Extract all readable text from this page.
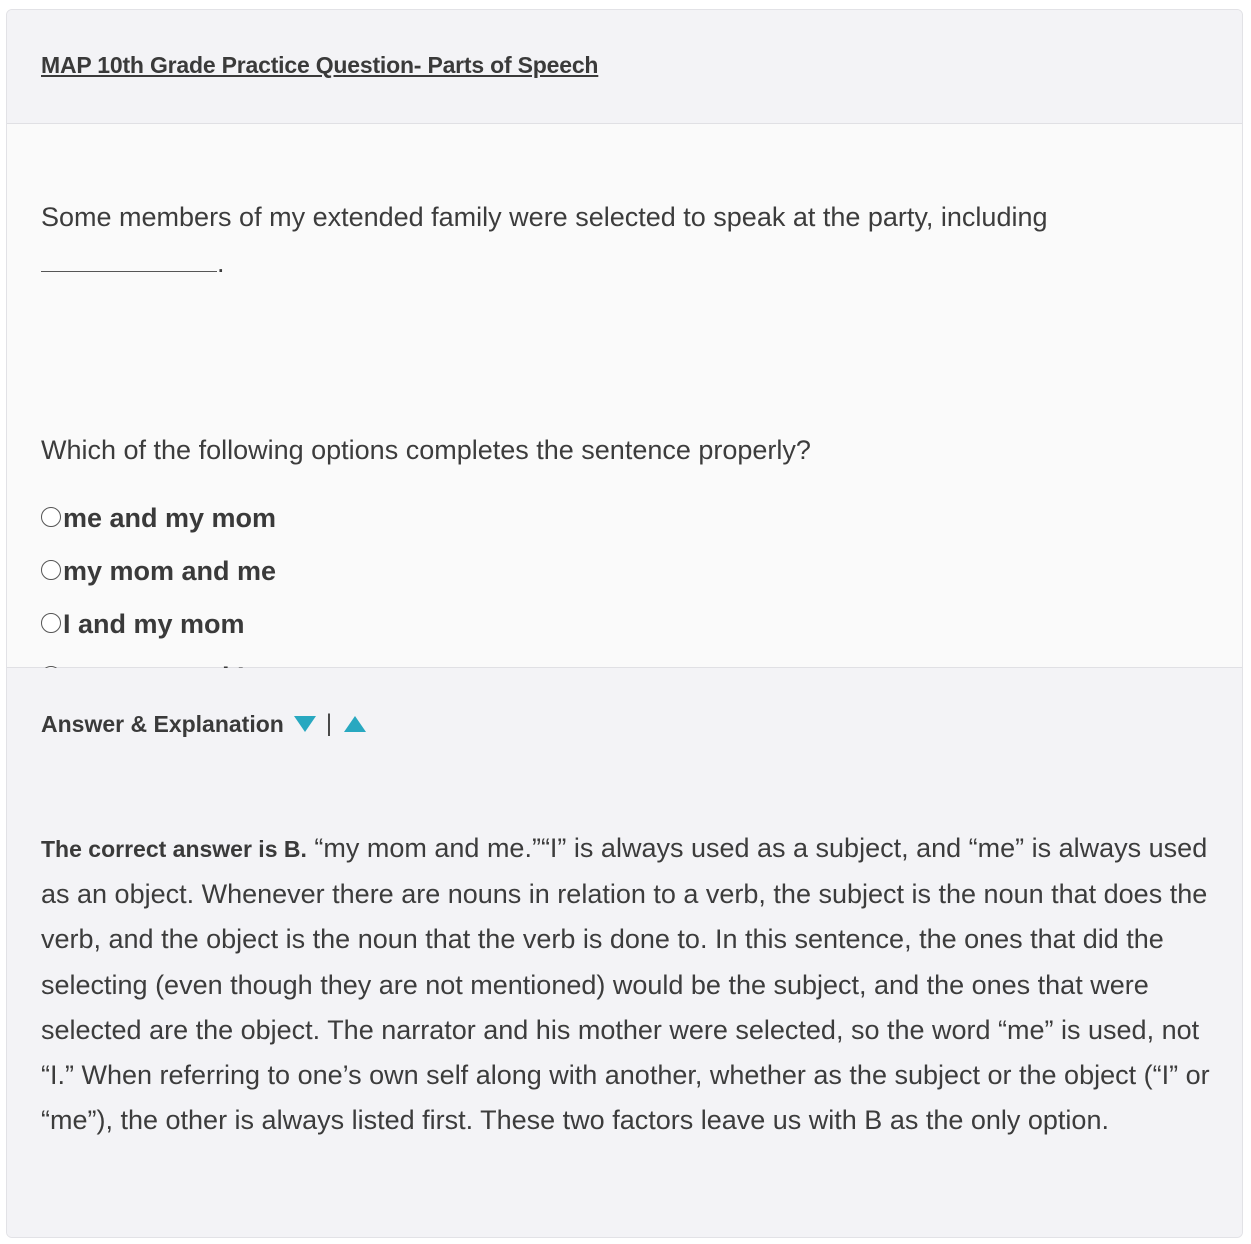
MAP 10th Grade Practice Question- Parts of Speech

Some members of my extended family were selected to speak at the party, including
.

Which of the following options completes the sentence properly?

me and my mom
my mom and me
I and my mom
Answer & Explanation |

The correct answer is B. “my mom and me.”“I” is always used as a subject, and “me” is always used as an object. Whenever there are nouns in relation to a verb, the subject is the noun that does the verb, and the object is the noun that the verb is done to. In this sentence, the ones that did the selecting (even though they are not mentioned) would be the subject, and the ones that were selected are the object. The narrator and his mother were selected, so the word “me” is used, not “I.” When referring to one’s own self along with another, whether as the subject or the object (“I” or “me”), the other is always listed first. These two factors leave us with B as the only option.
